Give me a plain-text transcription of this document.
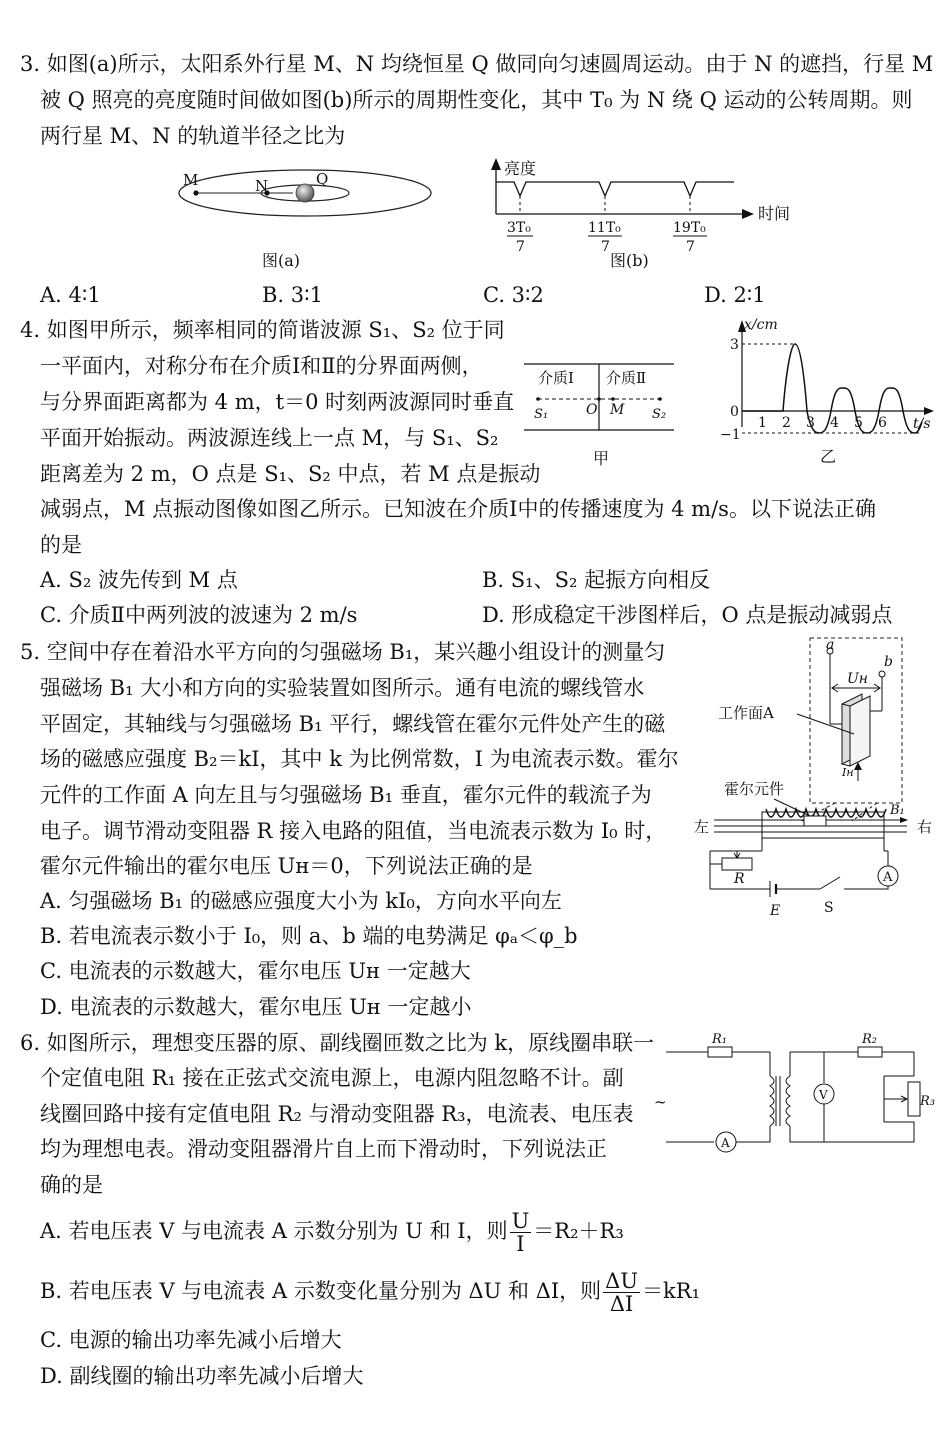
3. 如图(a)所示，太阳系外行星 M、N 均绕恒星 Q 做同向匀速圆周运动。由于 N 的遮挡，行星 M
被 Q 照亮的亮度随时间做如图(b)所示的周期性变化，其中 T₀ 为 N 绕 Q 运动的公转周期。则
两行星 M、N 的轨道半径之比为
M	N	Q
图(a)
亮度
时间
3T₀
7
11T₀
7
19T₀
7
图(b)
A. 4∶1	B. 3∶1	C. 3∶2	D. 2∶1
4. 如图甲所示，频率相同的简谐波源 S₁、S₂ 位于同
一平面内，对称分布在介质Ⅰ和Ⅱ的分界面两侧，
与分界面距离都为 4 m，t＝0 时刻两波源同时垂直
平面开始振动。两波源连线上一点 M，与 S₁、S₂
距离差为 2 m，O 点是 S₁、S₂ 中点，若 M 点是振动
减弱点，M 点振动图像如图乙所示。已知波在介质Ⅰ中的传播速度为 4 m/s。以下说法正确
的是
介质Ⅰ 介质Ⅱ
S₁	O M S₂
甲
x/cm
t/s
3
0
−1
1 2 3 4 5 6
乙
A. S₂ 波先传到 M 点	B. S₁、S₂ 起振方向相反
C. 介质Ⅱ中两列波的波速为 2 m/s	D. 形成稳定干涉图样后，O 点是振动减弱点
5. 空间中存在着沿水平方向的匀强磁场 B₁，某兴趣小组设计的测量匀
强磁场 B₁ 大小和方向的实验装置如图所示。通有电流的螺线管水
平固定，其轴线与匀强磁场 B₁ 平行，螺线管在霍尔元件处产生的磁
场的磁感应强度 B₂＝kI，其中 k 为比例常数，I 为电流表示数。霍尔
元件的工作面 A 向左且与匀强磁场 B₁ 垂直，霍尔元件的载流子为
电子。调节滑动变阻器 R 接入电路的阻值，当电流表示数为 I₀ 时，
霍尔元件输出的霍尔电压 Uн＝0，下列说法正确的是
a
b
Uн
工作面A
Iн
霍尔元件
B₁
左	右
R
E	S
A
A. 匀强磁场 B₁ 的磁感应强度大小为 kI₀，方向水平向左
B. 若电流表示数小于 I₀，则 a、b 端的电势满足 φₐ＜φ_b
C. 电流表的示数越大，霍尔电压 Uн 一定越大
D. 电流表的示数越大，霍尔电压 Uн 一定越小
6. 如图所示，理想变压器的原、副线圈匝数之比为 k，原线圈串联一
个定值电阻 R₁ 接在正弦式交流电源上，电源内阻忽略不计。副
线圈回路中接有定值电阻 R₂ 与滑动变阻器 R₃，电流表、电压表
均为理想电表。滑动变阻器滑片自上而下滑动时，下列说法正
确的是
~
R₁
A
R₂
V	R₃
A. 若电压表 V 与电流表 A 示数分别为 U 和 I，则 $\frac{U}{I} =R_2+R_3$
B. 若电压表 V 与电流表 A 示数变化量分别为 ΔU 和 ΔI，则 $\frac{\Delta U}{\Delta I} =kR_1$
C. 电源的输出功率先减小后增大
D. 副线圈的输出功率先减小后增大
